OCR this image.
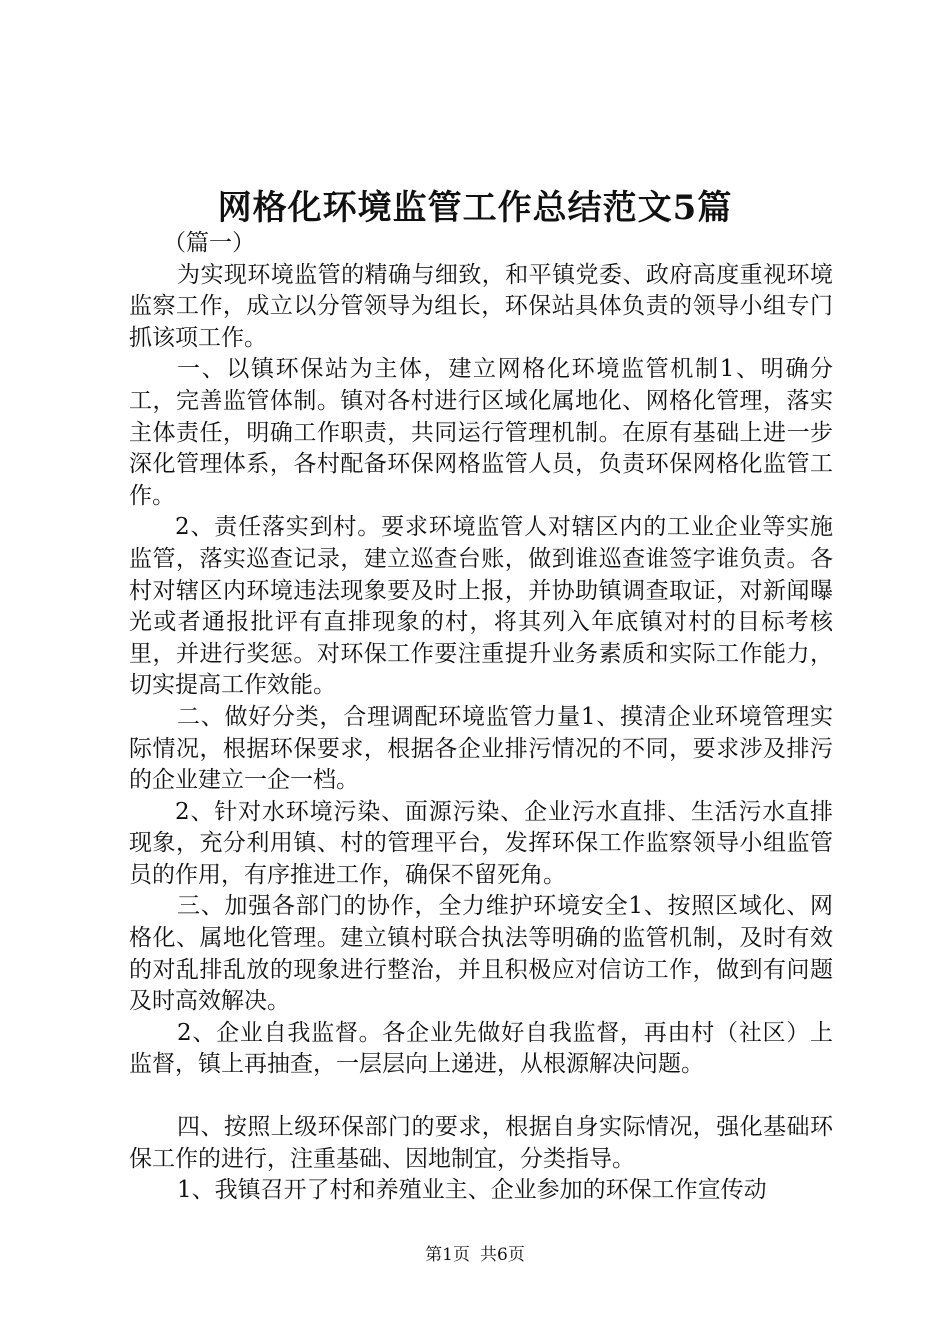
网格化环境监管工作总结范文5篇

（篇一）

为实现环境监管的精确与细致，和平镇党委、政府高度重视环境监察工作，成立以分管领导为组长，环保站具体负责的领导小组专门抓该项工作。

一、以镇环保站为主体，建立网格化环境监管机制1、明确分工，完善监管体制。镇对各村进行区域化属地化、网格化管理，落实主体责任，明确工作职责，共同运行管理机制。在原有基础上进一步深化管理体系，各村配备环保网格监管人员，负责环保网格化监管工作。

2、责任落实到村。要求环境监管人对辖区内的工业企业等实施监管，落实巡查记录，建立巡查台账，做到谁巡查谁签字谁负责。各村对辖区内环境违法现象要及时上报，并协助镇调查取证，对新闻曝光或者通报批评有直排现象的村，将其列入年底镇对村的目标考核里，并进行奖惩。对环保工作要注重提升业务素质和实际工作能力，切实提高工作效能。

二、做好分类，合理调配环境监管力量1、摸清企业环境管理实际情况，根据环保要求，根据各企业排污情况的不同，要求涉及排污的企业建立一企一档。

2、针对水环境污染、面源污染、企业污水直排、生活污水直排现象，充分利用镇、村的管理平台，发挥环保工作监察领导小组监管员的作用，有序推进工作，确保不留死角。

三、加强各部门的协作，全力维护环境安全1、按照区域化、网格化、属地化管理。建立镇村联合执法等明确的监管机制，及时有效的对乱排乱放的现象进行整治，并且积极应对信访工作，做到有问题及时高效解决。

2、企业自我监督。各企业先做好自我监督，再由村（社区）上监督，镇上再抽查，一层层向上递进，从根源解决问题。

四、按照上级环保部门的要求，根据自身实际情况，强化基础环保工作的进行，注重基础、因地制宜，分类指导。

1、我镇召开了村和养殖业主、企业参加的环保工作宣传动

第1页 共6页
